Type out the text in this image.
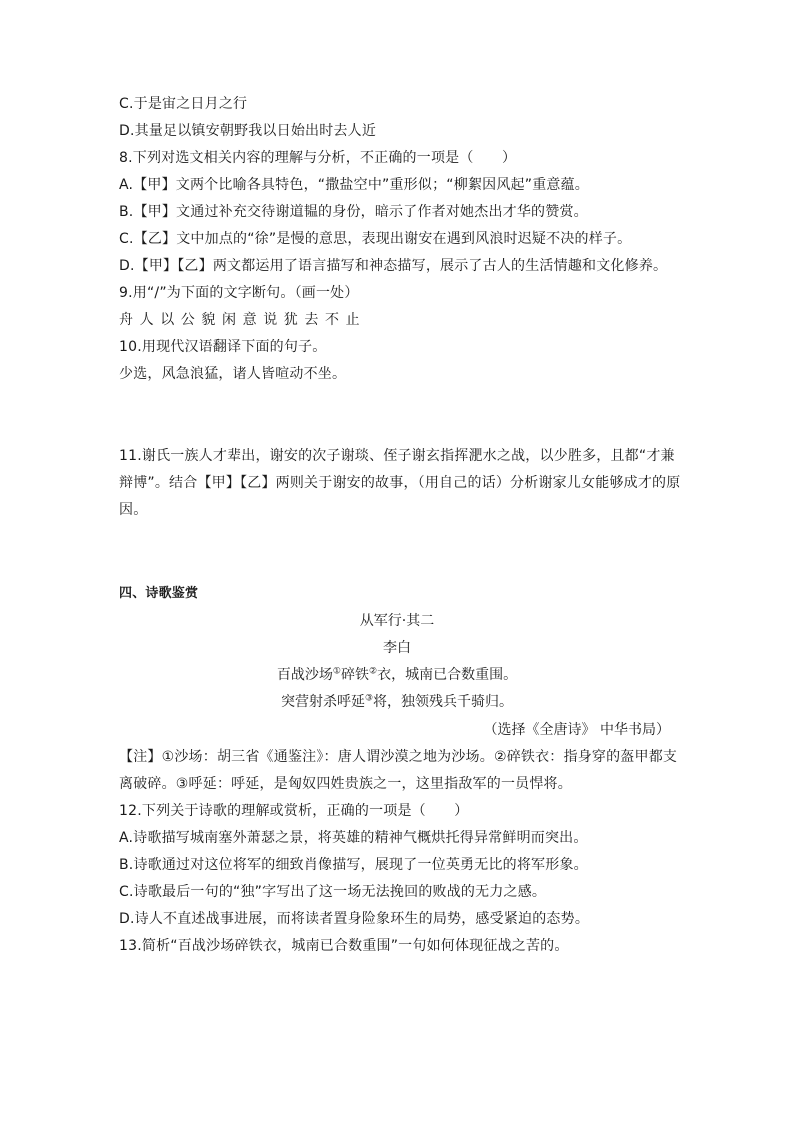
C.于是宙之日月之行
D.其量足以镇安朝野我以日始出时去人近
8.下列对选文相关内容的理解与分析，不正确的一项是（　　）
A.【甲】文两个比喻各具特色，“撒盐空中”重形似；“柳絮因风起”重意蕴。
B.【甲】文通过补充交待谢道韫的身份，暗示了作者对她杰出才华的赞赏。
C.【乙】文中加点的“徐”是慢的意思，表现出谢安在遇到风浪时迟疑不决的样子。
D.【甲】【乙】两文都运用了语言描写和神态描写，展示了古人的生活情趣和文化修养。
9.用“/”为下面的文字断句。（画一处）
舟人以公貌闲意说犹去不止
10.用现代汉语翻译下面的句子。
少选，风急浪猛，诸人皆喧动不坐。
11.谢氏一族人才辈出，谢安的次子谢琰、侄子谢玄指挥淝水之战，以少胜多，且都“才兼
辩博”。结合【甲】【乙】两则关于谢安的故事，（用自己的话）分析谢家儿女能够成才的原
因。
四、诗歌鉴赏
从军行·其二
李白
百战沙场①碎铁②衣，城南已合数重围。
突营射杀呼延③将，独领残兵千骑归。
（选择《全唐诗》 中华书局）
【注】①沙场：胡三省《通鉴注》：唐人谓沙漠之地为沙场。②碎铁衣：指身穿的盔甲都支
离破碎。③呼延：呼延，是匈奴四姓贵族之一，这里指敌军的一员悍将。
12.下列关于诗歌的理解或赏析，正确的一项是（　　）
A.诗歌描写城南塞外萧瑟之景，将英雄的精神气概烘托得异常鲜明而突出。
B.诗歌通过对这位将军的细致肖像描写，展现了一位英勇无比的将军形象。
C.诗歌最后一句的“独”字写出了这一场无法挽回的败战的无力之感。
D.诗人不直述战事进展，而将读者置身险象环生的局势，感受紧迫的态势。
13.简析“百战沙场碎铁衣，城南已合数重围”一句如何体现征战之苦的。
